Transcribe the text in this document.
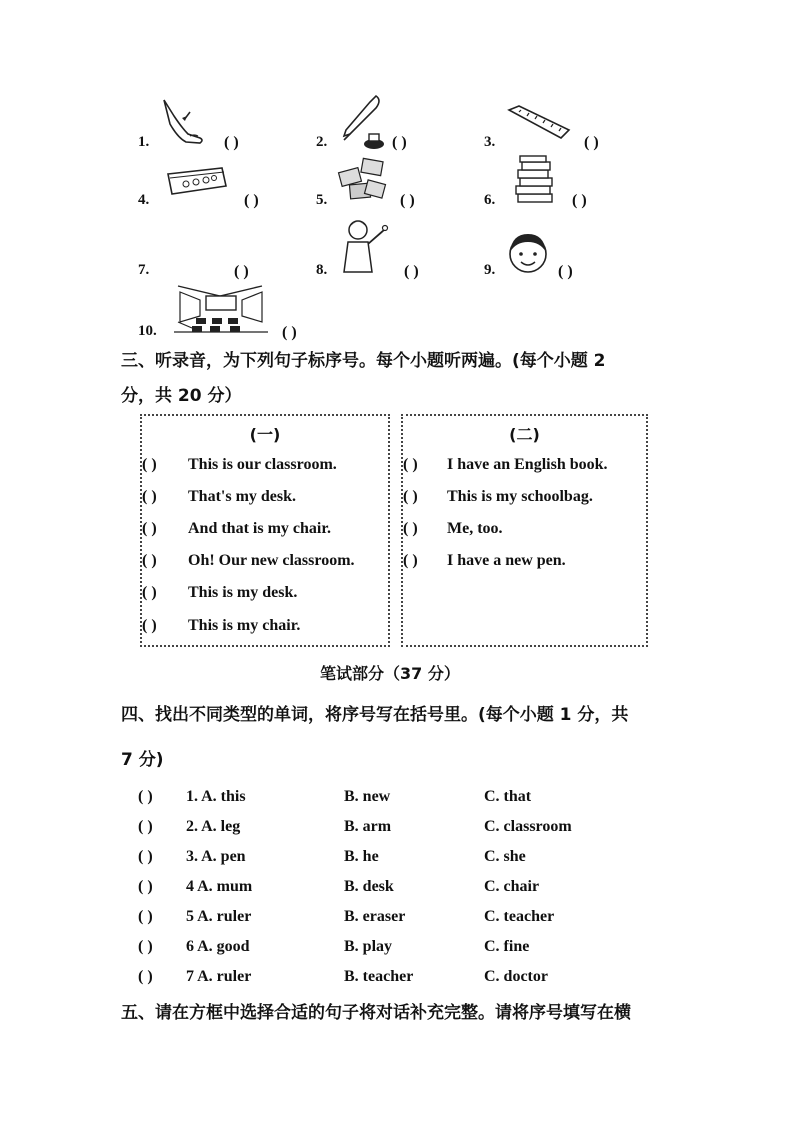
1.	( )	2.	( )	3.	( )
4.	( )	5.	( )	6.	( )
7.	( )	8.	( )	9.	( )
10.	( )
三、听录音，为下列句子标序号。每个小题听两遍。(每个小题 2
分，共 20 分）
(一)
( ) This is our classroom.
( ) That's my desk.
( ) And that is my chair.
( ) Oh! Our new classroom.
( ) This is my desk.
( ) This is my chair.
(二)
( ) I have an English book.
( ) This is my schoolbag.
( ) Me, too.
( ) I have a new pen.
笔试部分（37 分）
四、找出不同类型的单词，将序号写在括号里。(每个小题 1 分，共
7 分)
( ) 1. A. this	B. new	C. that
( ) 2. A. leg	B. arm	C. classroom
( ) 3. A. pen	B. he	C. she
( ) 4 A. mum	B. desk	C. chair
( ) 5 A. ruler	B. eraser	C. teacher
( ) 6 A. good	B. play	C. fine
( ) 7 A. ruler	B. teacher	C. doctor
五、请在方框中选择合适的句子将对话补充完整。请将序号填写在横
